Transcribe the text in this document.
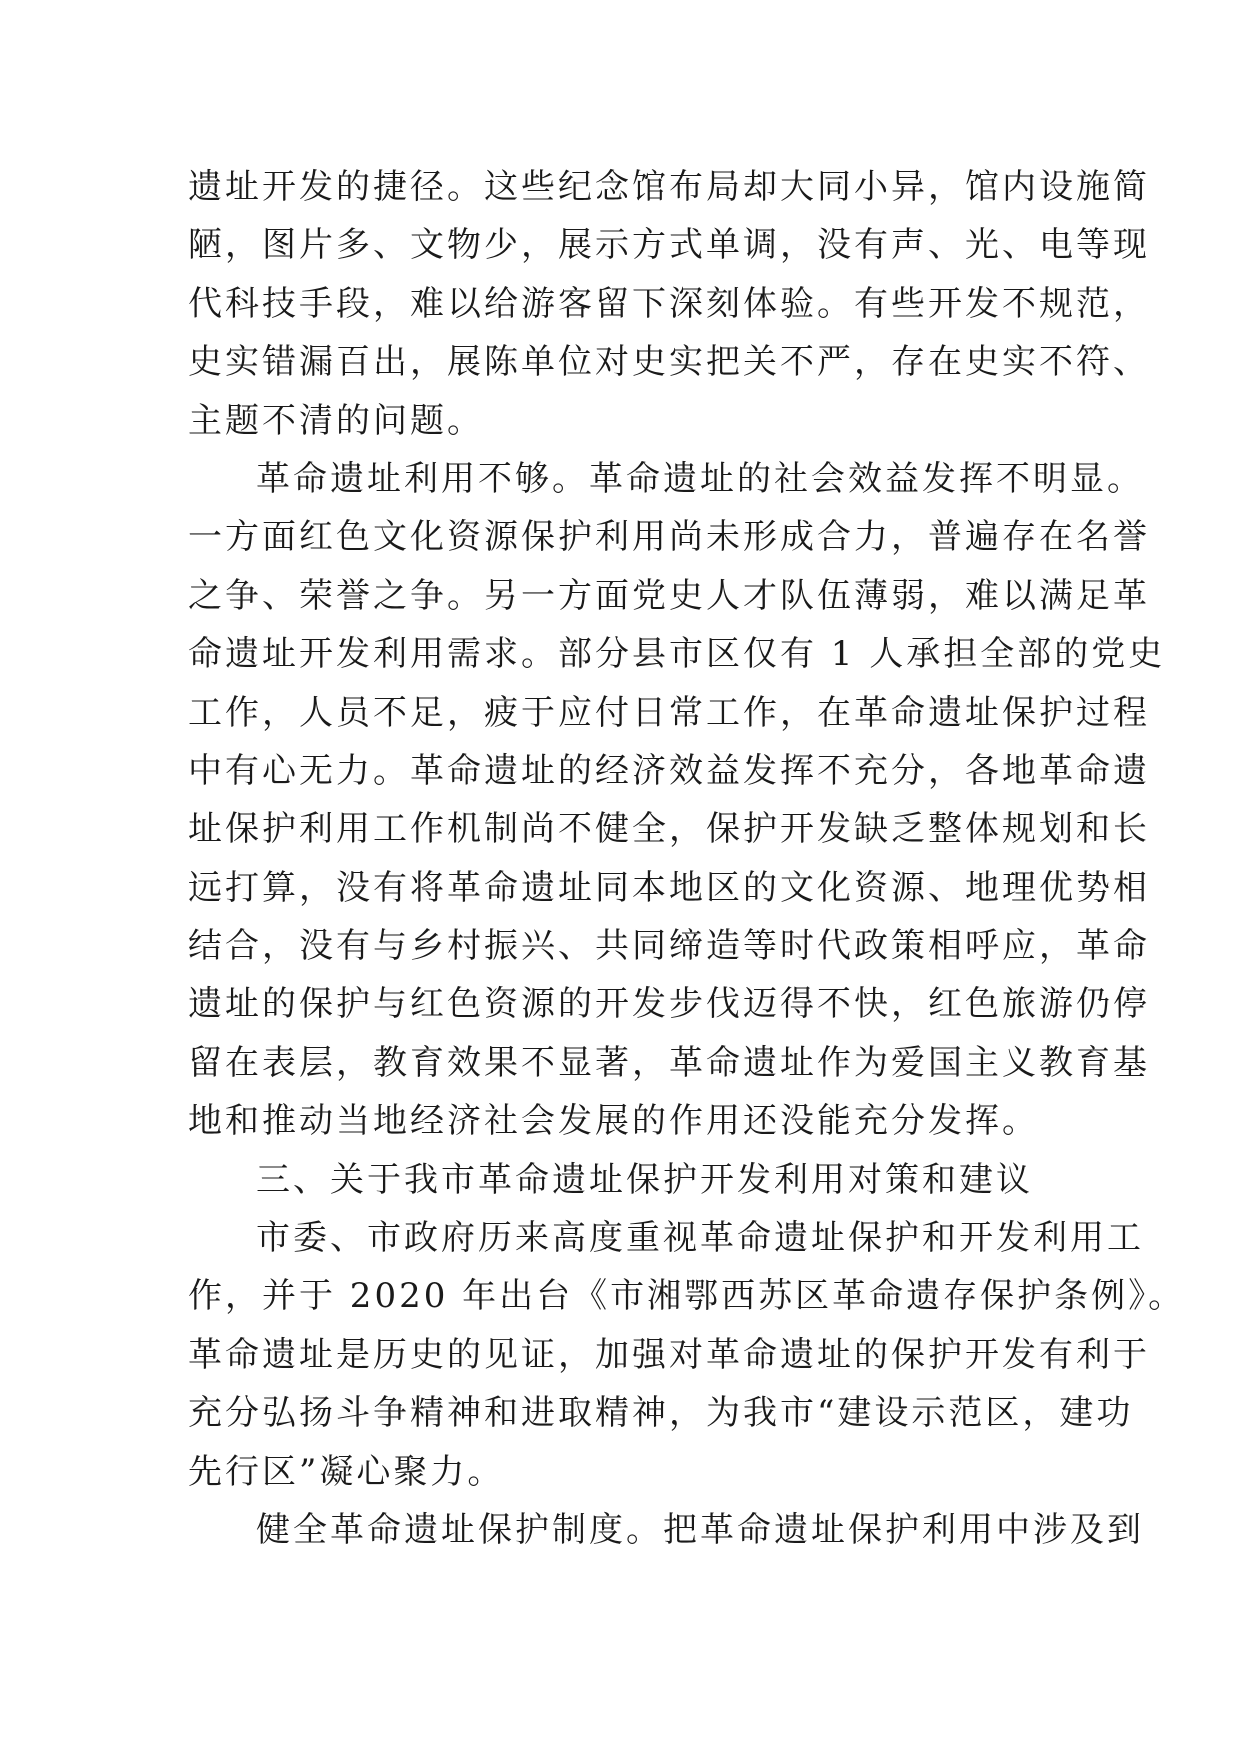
遗址开发的捷径。这些纪念馆布局却大同小异，馆内设施简
陋，图片多、文物少，展示方式单调，没有声、光、电等现
代科技手段，难以给游客留下深刻体验。有些开发不规范，
史实错漏百出，展陈单位对史实把关不严，存在史实不符、
主题不清的问题。
革命遗址利用不够。革命遗址的社会效益发挥不明显。
一方面红色文化资源保护利用尚未形成合力，普遍存在名誉
之争、荣誉之争。另一方面党史人才队伍薄弱，难以满足革
命遗址开发利用需求。部分县市区仅有 1 人承担全部的党史
工作，人员不足，疲于应付日常工作，在革命遗址保护过程
中有心无力。革命遗址的经济效益发挥不充分，各地革命遗
址保护利用工作机制尚不健全，保护开发缺乏整体规划和长
远打算，没有将革命遗址同本地区的文化资源、地理优势相
结合，没有与乡村振兴、共同缔造等时代政策相呼应，革命
遗址的保护与红色资源的开发步伐迈得不快，红色旅游仍停
留在表层，教育效果不显著，革命遗址作为爱国主义教育基
地和推动当地经济社会发展的作用还没能充分发挥。
三、关于我市革命遗址保护开发利用对策和建议
市委、市政府历来高度重视革命遗址保护和开发利用工
作，并于 2020 年出台《市湘鄂西苏区革命遗存保护条例》。
革命遗址是历史的见证，加强对革命遗址的保护开发有利于
充分弘扬斗争精神和进取精神，为我市“建设示范区，建功
先行区”凝心聚力。
健全革命遗址保护制度。把革命遗址保护利用中涉及到
